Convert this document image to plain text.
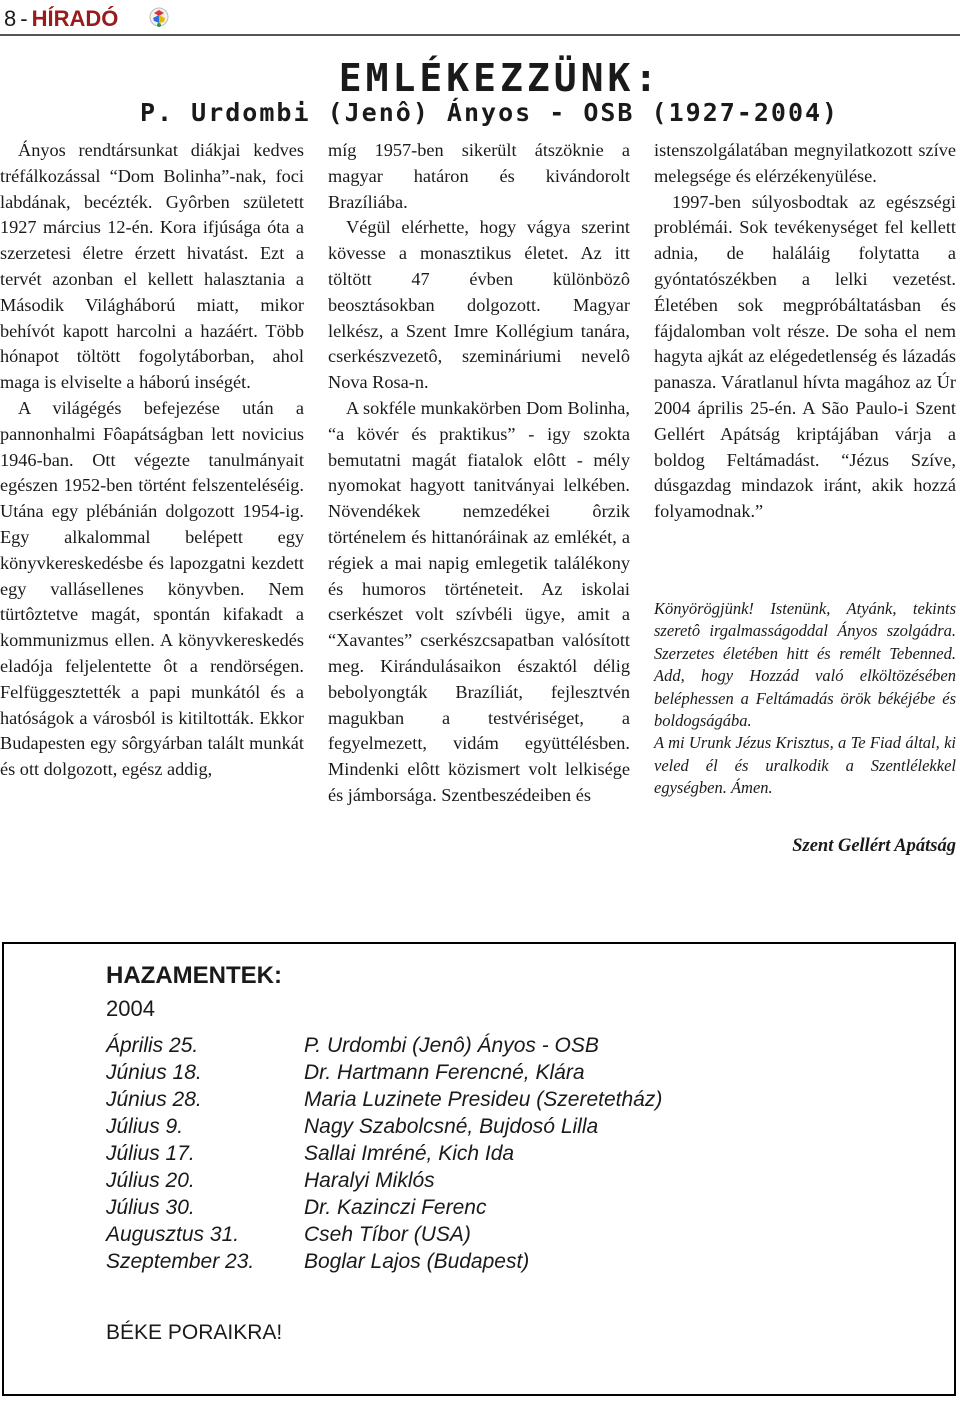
8 - HÍRADÓ
EMLÉKEZZÜNK:
P. Urdombi (Jenô) Ányos - OSB (1927-2004)

Ányos rendtársunkat diákjai kedves tréfálkozással “Dom Bolinha”-nak, foci labdának, becézték. Gyôrben született 1927 március 12-én. Kora ifjúsága óta a szerzetesi életre érzett hivatást. Ezt a tervét azonban el kellett halasztania a Második Világháború miatt, mikor behívót kapott harcolni a hazáért. Több hónapot töltött fogolytáborban, ahol maga is elviselte a háború inségét.

A világégés befejezése után a pannonhalmi Fôapátságban lett novicius 1946-ban. Ott végezte tanulmányait egészen 1952-ben történt felszenteléséig. Utána egy plébánián dolgozott 1954-ig. Egy alkalommal belépett egy könyvkereskedésbe és lapozgatni kezdett egy vallásellenes könyvben. Nem türtôztetve magát, spontán kifakadt a kommunizmus ellen. A könyvkereskedés eladója feljelentette ôt a rendörségen. Felfüggesztették a papi munkától és a hatóságok a városból is kitiltották. Ekkor Budapesten egy sôrgyárban talált munkát és ott dolgozott, egész addig,

míg 1957-ben sikerült átszöknie a magyar határon és kivándorolt Brazíliába.

Végül elérhette, hogy vágya szerint kövesse a monasztikus életet. Az itt töltött 47 évben különbözô beosztásokban dolgozott. Magyar lelkész, a Szent Imre Kollégium tanára, cserkészvezetô, szemináriumi nevelô Nova Rosa-n.

A sokféle munkakörben Dom Bolinha, “a kövér és praktikus” - igy szokta bemutatni magát fiatalok elôtt - mély nyomokat hagyott tanitványai lelkében. Növendékek nemzedékei ôrzik történelem és hittanóráinak az emlékét, a régiek a mai napig emlegetik találékony és humoros történeteit. Az iskolai cserkészet volt szívbéli ügye, amit a “Xavantes” cserkészcsapatban valósított meg. Kirándulásaikon északtól délig bebolyongták Brazíliát, fejlesztvén magukban a testvériséget, a fegyelmezett, vidám együttélésben. Mindenki elôtt közismert volt lelkisége és jámborsága. Szentbeszédeiben és

istenszolgálatában megnyilatkozott szíve melegsége és elérzékenyülése.

1997-ben súlyosbodtak az egészségi problémái. Sok tevékenységet fel kellett adnia, de haláláig folytatta a gyóntatószékben a lelki vezetést. Életében sok megpróbáltatásban és fájdalomban volt része. De soha el nem hagyta ajkát az elégedetlenség és lázadás panasza. Váratlanul hívta magához az Úr 2004 április 25-én. A São Paulo-i Szent Gellért Apátság kriptájában várja a boldog Feltámadást. “Jézus Szíve, dúsgazdag mindazok iránt, akik hozzá folyamodnak.”

Könyörögjünk! Istenünk, Atyánk, tekints szeretô irgalmasságoddal Ányos szolgádra. Szerzetes életében hitt és remélt Tebenned. Add, hogy Hozzád való elköltözésében beléphessen a Feltámadás örök békéjébe és boldogságába.

A mi Urunk Jézus Krisztus, a Te Fiad által, ki veled él és uralkodik a Szentlélekkel egységben. Ámen.

Szent Gellért Apátság
HAZAMENTEK:
2004
Április 25.	P. Urdombi (Jenô) Ányos - OSB
Június 18.	Dr. Hartmann Ferencné, Klára
Június 28.	Maria Luzinete Presideu (Szeretetház)
Július 9.	Nagy Szabolcsné, Bujdosó Lilla
Július 17.	Sallai Imréné, Kich Ida
Július 20.	Haralyi Miklós
Július 30.	Dr. Kazinczi Ferenc
Augusztus 31.	Cseh Tíbor (USA)
Szeptember 23.	Boglar Lajos (Budapest)
BÉKE PORAIKRA!
